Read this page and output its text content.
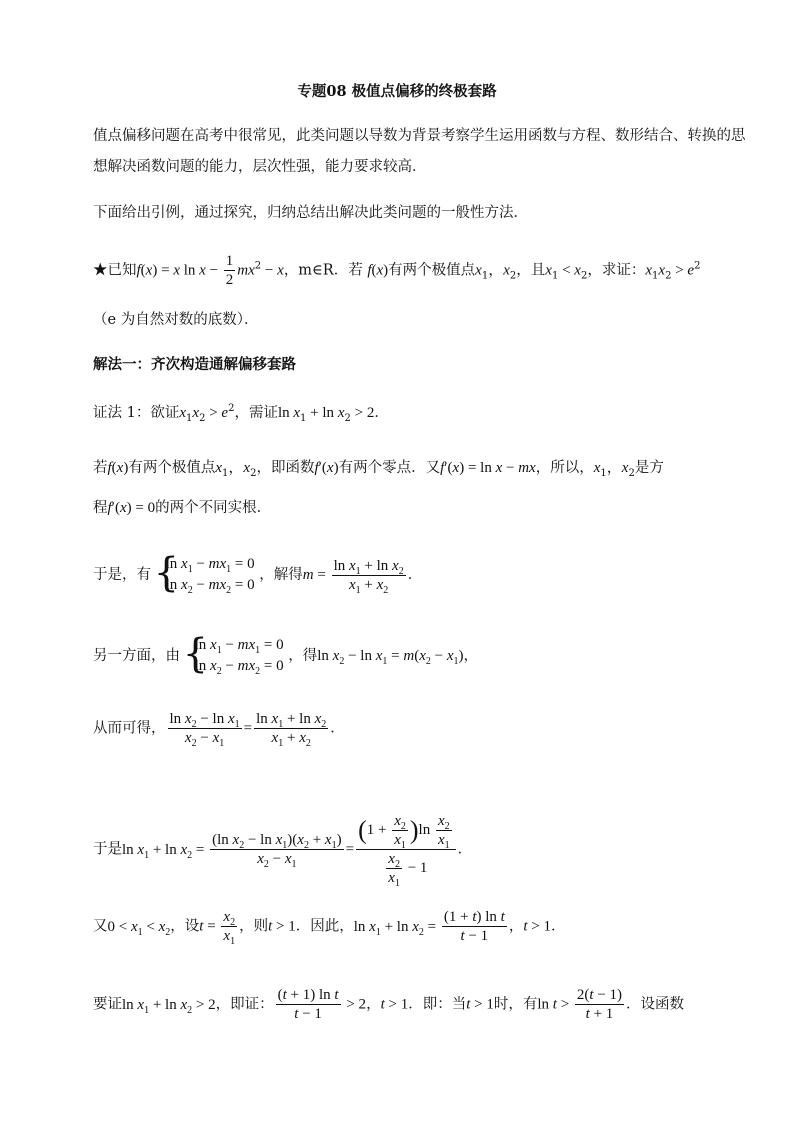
专题08 极值点偏移的终极套路
值点偏移问题在高考中很常见，此类问题以导数为背景考察学生运用函数与方程、数形结合、转换的思
想解决函数问题的能力，层次性强，能力要求较高．
下面给出引例，通过探究，归纳总结出解决此类问题的一般性方法．
★已知f(x) = x $\ln x - \frac{1}{2} mx^2 - x$，m∈R．若 f(x)有两个极值点$x_1$，$x_2$，且$x_1 < x_2$，求证：$x_1x_2 > e^2$
（e 为自然对数的底数）．
解法一：齐次构造通解偏移套路
证法 1：欲证$x_1x_2 > e^2$，需证$\ln x_1 + \ln x_2 > 2$．
若f(x)有两个极值点$x_1$，$x_2$，即函数f′(x)有两个零点．又f′(x) = ln x − mx，所以，$x_1$，$x_2$是方
程f′(x) = 0的两个不同实根．
于是，有
{ $\ln x_1 - mx_1 = 0$
$\ln x_2 - mx_2 = 0$
，解得$m = \frac{\ln x_1 + \ln x_2}{x_1 + x_2}$ ．
另一方面，由
{ $\ln x_1 - mx_1 = 0$
$\ln x_2 - mx_2 = 0$
，得$\ln x_2 - \ln x_1 = m(x_2 - x_1)$，
从而可得， $\frac{\ln x_2 - \ln x_1}{x_2 - x_1} = \frac{\ln x_1 + \ln x_2}{x_1 + x_2}$ ．
于是$\ln x_1 + \ln x_2 = \frac{(\ln x_2 - \ln x_1)(x_2 + x_1)}{x_2 - x_1} = \frac{(1 + \frac{x_2}{x_1} )\ln \frac{x_2}{x_1}}{\frac{x_2}{x_1} - 1}$ ．
又$0 < x_1 < x_2$，设$t = \frac{x_2}{x_1}$ ，则t > 1．因此，$\ln x_1 + \ln x_2 = \frac{\text{(1 + t) ln t}}{t - 1}$ ，t > 1．
要证$\ln x_1 + \ln x_2 > 2$，即证： $\frac{\text{(t + 1) ln t}}{t - 1} > 2$，t > 1．即：当t > 1时，有$\ln t > \frac{2(t - 1)}{t + 1}$ ．设函数
